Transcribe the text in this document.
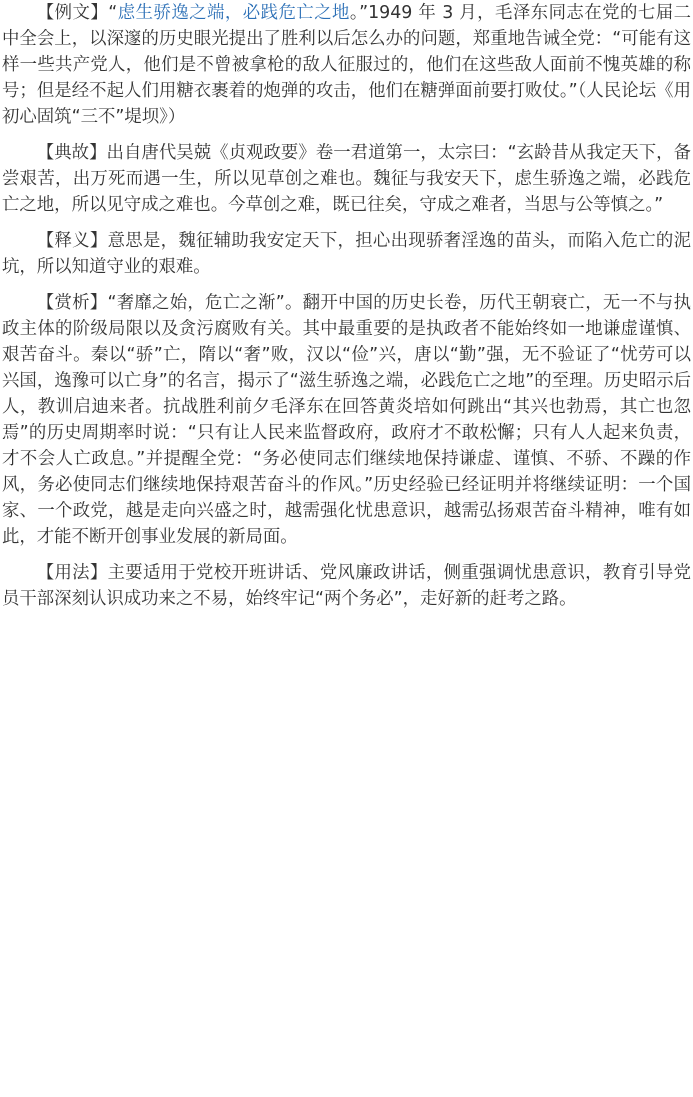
【例文】“虑生骄逸之端，必践危亡之地。”1949 年 3 月，毛泽东同志在党的七届二中全会上，以深邃的历史眼光提出了胜利以后怎么办的问题，郑重地告诫全党：“可能有这样一些共产党人，他们是不曾被拿枪的敌人征服过的，他们在这些敌人面前不愧英雄的称号；但是经不起人们用糖衣裹着的炮弹的攻击，他们在糖弹面前要打败仗。”（人民论坛《用初心固筑“三不”堤坝》）

【典故】出自唐代吴兢《贞观政要》卷一君道第一，太宗曰：“玄龄昔从我定天下，备尝艰苦，出万死而遇一生，所以见草创之难也。魏征与我安天下，虑生骄逸之端，必践危亡之地，所以见守成之难也。今草创之难，既已往矣，守成之难者，当思与公等慎之。”

【释义】意思是，魏征辅助我安定天下，担心出现骄奢淫逸的苗头，而陷入危亡的泥坑，所以知道守业的艰难。

【赏析】“奢靡之始，危亡之渐”。翻开中国的历史长卷，历代王朝衰亡，无一不与执政主体的阶级局限以及贪污腐败有关。其中最重要的是执政者不能始终如一地谦虚谨慎、艰苦奋斗。秦以“骄”亡，隋以“奢”败，汉以“俭”兴，唐以“勤”强，无不验证了“忧劳可以兴国，逸豫可以亡身”的名言，揭示了“滋生骄逸之端，必践危亡之地”的至理。历史昭示后人，教训启迪来者。抗战胜利前夕毛泽东在回答黄炎培如何跳出“其兴也勃焉，其亡也忽焉”的历史周期率时说：“只有让人民来监督政府，政府才不敢松懈；只有人人起来负责，才不会人亡政息。”并提醒全党：“务必使同志们继续地保持谦虚、谨慎、不骄、不躁的作风，务必使同志们继续地保持艰苦奋斗的作风。”历史经验已经证明并将继续证明：一个国家、一个政党，越是走向兴盛之时，越需强化忧患意识，越需弘扬艰苦奋斗精神，唯有如此，才能不断开创事业发展的新局面。

【用法】主要适用于党校开班讲话、党风廉政讲话，侧重强调忧患意识，教育引导党员干部深刻认识成功来之不易，始终牢记“两个务必”，走好新的赶考之路。
